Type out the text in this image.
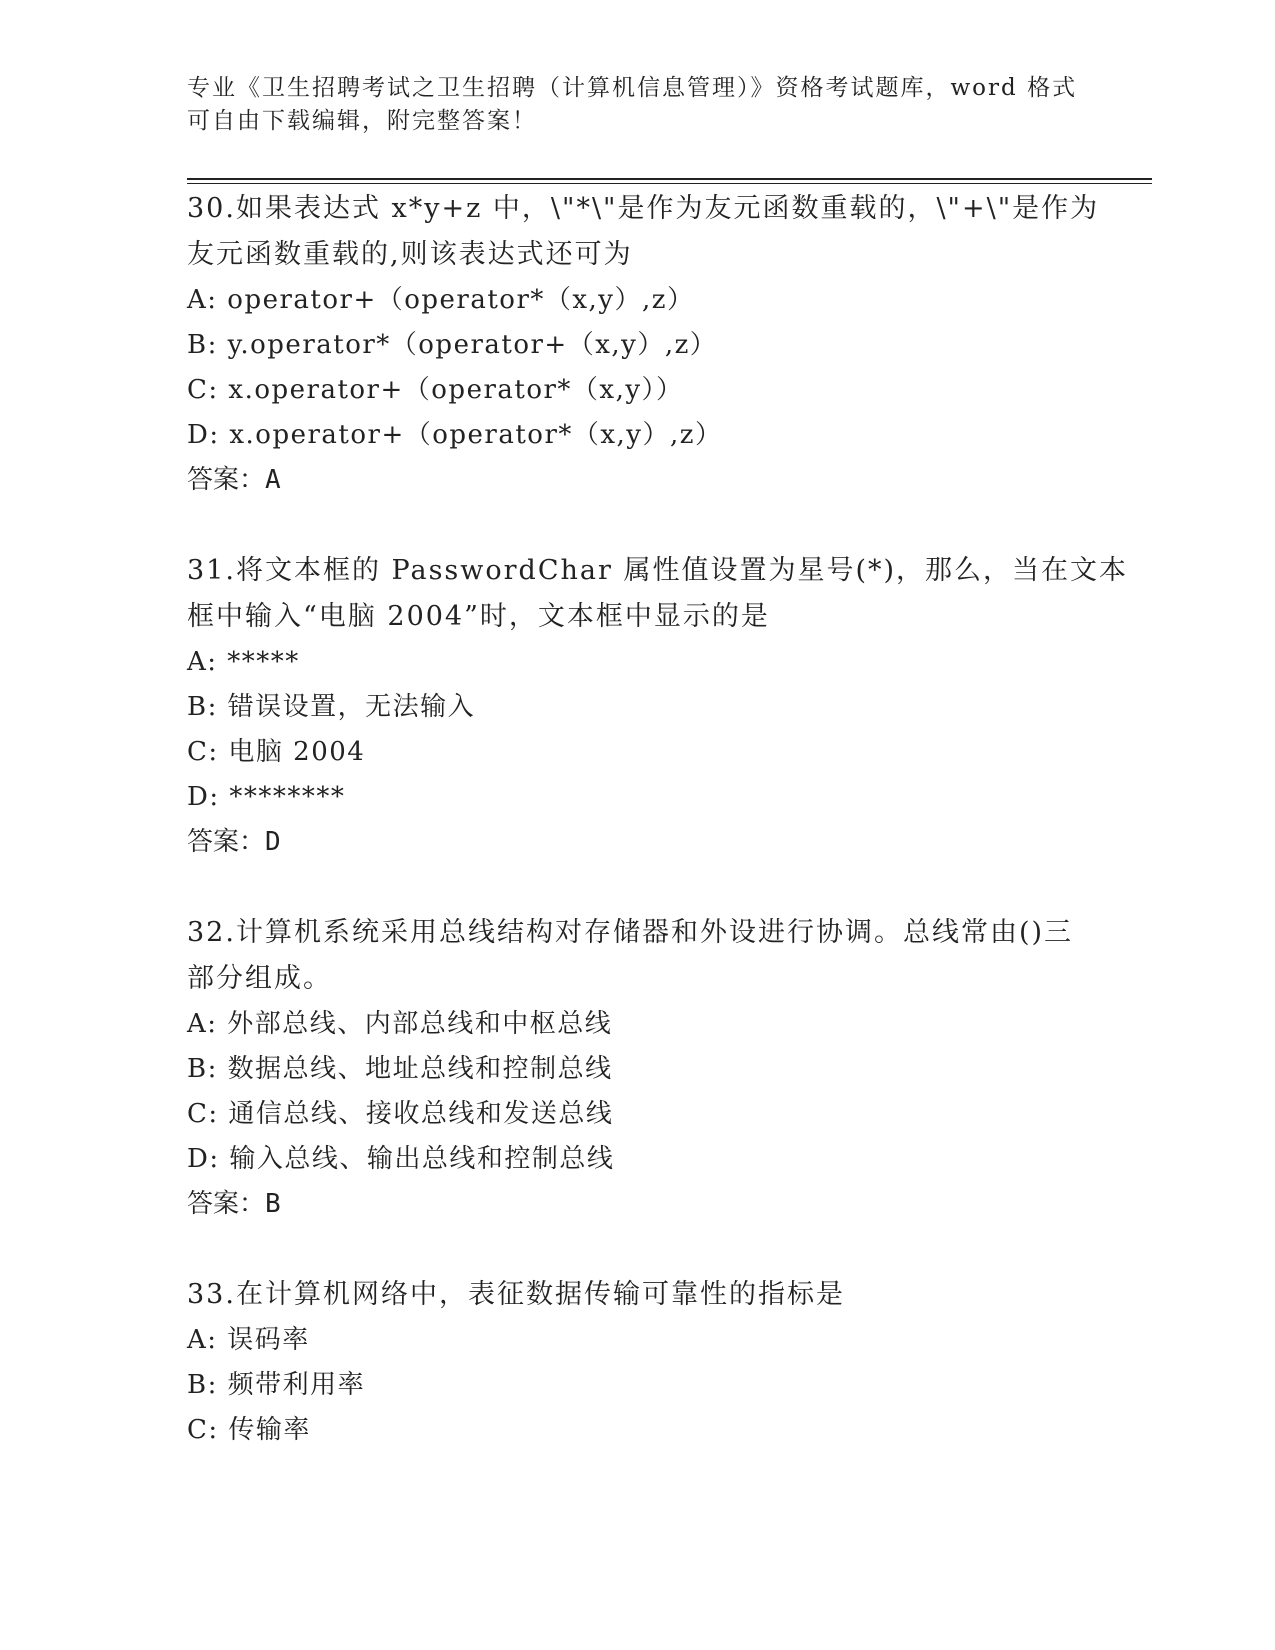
专业《卫生招聘考试之卫生招聘（计算机信息管理）》资格考试题库，word 格式
可自由下载编辑，附完整答案！
30.如果表达式 x*y+z 中，\"*\"是作为友元函数重载的，\"+\"是作为
友元函数重载的,则该表达式还可为
A: operator+（operator*（x,y）,z）
B: y.operator*（operator+（x,y）,z）
C: x.operator+（operator*（x,y））
D: x.operator+（operator*（x,y）,z）
答案：A
31.将文本框的 PasswordChar 属性值设置为星号(*)，那么，当在文本
框中输入“电脑 2004”时，文本框中显示的是
A: *****
B: 错误设置，无法输入
C: 电脑 2004
D: ********
答案：D
32.计算机系统采用总线结构对存储器和外设进行协调。总线常由()三
部分组成。
A: 外部总线、内部总线和中枢总线
B: 数据总线、地址总线和控制总线
C: 通信总线、接收总线和发送总线
D: 输入总线、输出总线和控制总线
答案：B
33.在计算机网络中，表征数据传输可靠性的指标是
A: 误码率
B: 频带利用率
C: 传输率
